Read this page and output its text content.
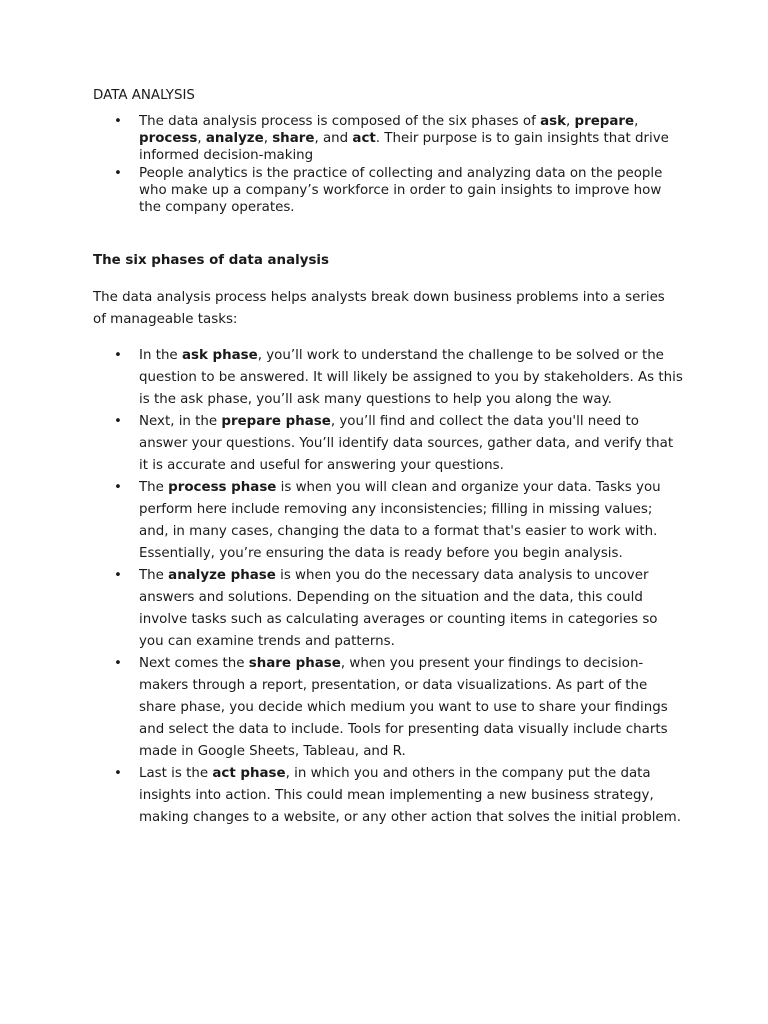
DATA ANALYSIS
• The data analysis process is composed of the six phases of ask, prepare, process, analyze, share, and act. Their purpose is to gain insights that drive informed decision-making
• People analytics is the practice of collecting and analyzing data on the people who make up a company’s workforce in order to gain insights to improve how the company operates.
The six phases of data analysis
The data analysis process helps analysts break down business problems into a series of manageable tasks:
• In the ask phase, you’ll work to understand the challenge to be solved or the question to be answered. It will likely be assigned to you by stakeholders. As this is the ask phase, you’ll ask many questions to help you along the way.
• Next, in the prepare phase, you’ll find and collect the data you'll need to answer your questions. You’ll identify data sources, gather data, and verify that it is accurate and useful for answering your questions.
• The process phase is when you will clean and organize your data. Tasks you perform here include removing any inconsistencies; filling in missing values; and, in many cases, changing the data to a format that's easier to work with. Essentially, you’re ensuring the data is ready before you begin analysis.
• The analyze phase is when you do the necessary data analysis to uncover answers and solutions. Depending on the situation and the data, this could involve tasks such as calculating averages or counting items in categories so you can examine trends and patterns.
• Next comes the share phase, when you present your findings to decision-makers through a report, presentation, or data visualizations. As part of the share phase, you decide which medium you want to use to share your findings and select the data to include. Tools for presenting data visually include charts made in Google Sheets, Tableau, and R.
• Last is the act phase, in which you and others in the company put the data insights into action. This could mean implementing a new business strategy, making changes to a website, or any other action that solves the initial problem.
